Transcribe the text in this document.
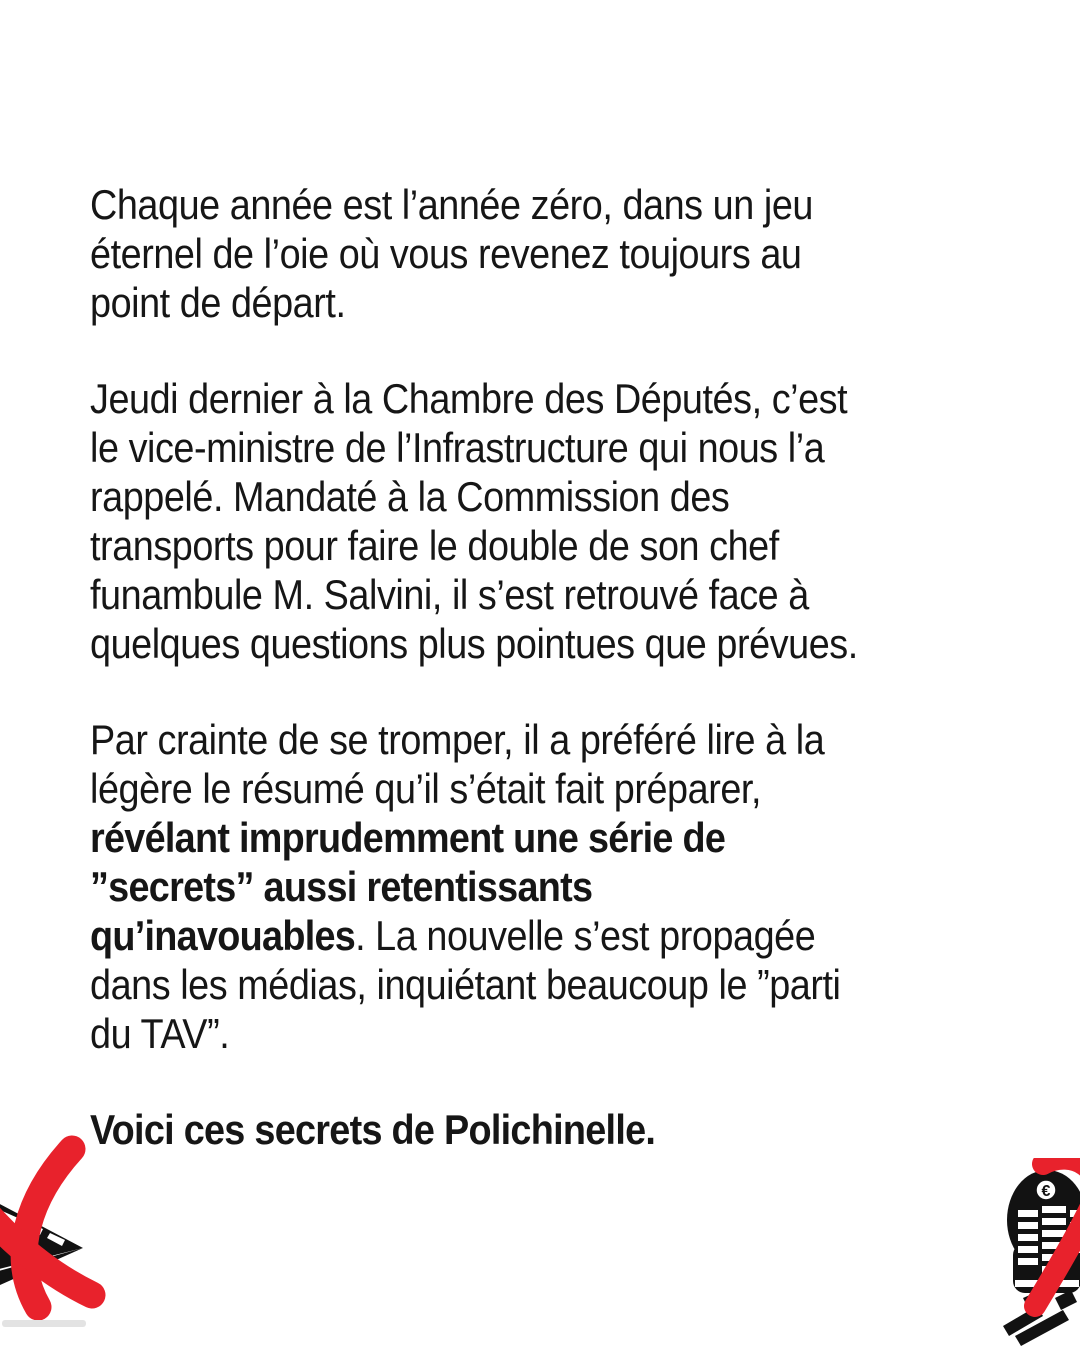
Chaque année est l’année zéro, dans un jeu
éternel de l’oie où vous revenez toujours au
point de départ.
Jeudi dernier à la Chambre des Députés, c’est
le vice-ministre de l’Infrastructure qui nous l’a
rappelé. Mandaté à la Commission des
transports pour faire le double de son chef
funambule M. Salvini, il s’est retrouvé face à
quelques questions plus pointues que prévues.
Par crainte de se tromper, il a préféré lire à la
légère le résumé qu’il s’était fait préparer,
révélant imprudemment une série de
”secrets” aussi retentissants
qu’inavouables. La nouvelle s’est propagée
dans les médias, inquiétant beaucoup le ”parti
du TAV”.
Voici ces secrets de Polichinelle.
€
